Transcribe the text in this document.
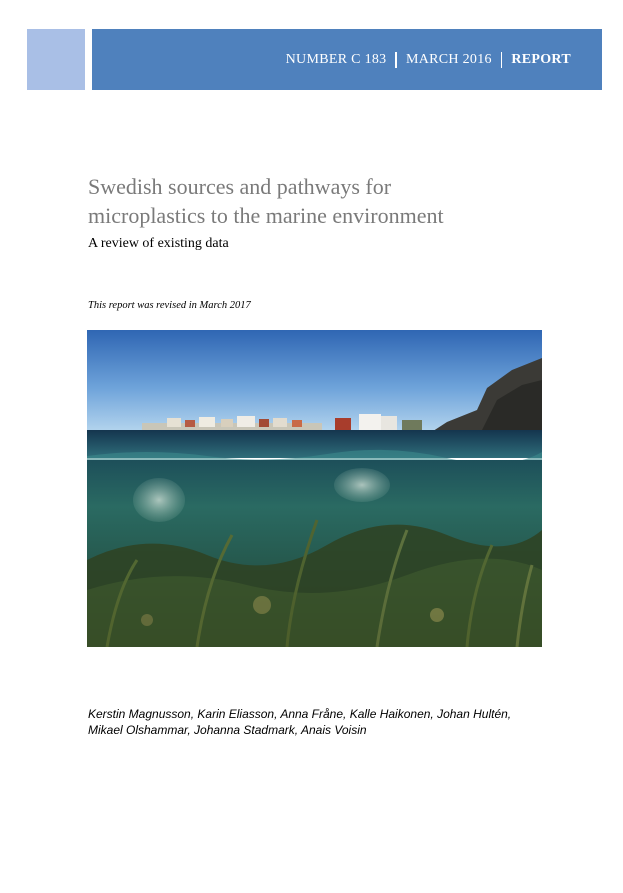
NUMBER C 183 MARCH 2016 REPORT
Swedish sources and pathways for
microplastics to the marine environment

A review of existing data

This report was revised in March 2017
Kerstin Magnusson, Karin Eliasson, Anna Fråne, Kalle Haikonen, Johan Hultén,
Mikael Olshammar, Johanna Stadmark, Anais Voisin
